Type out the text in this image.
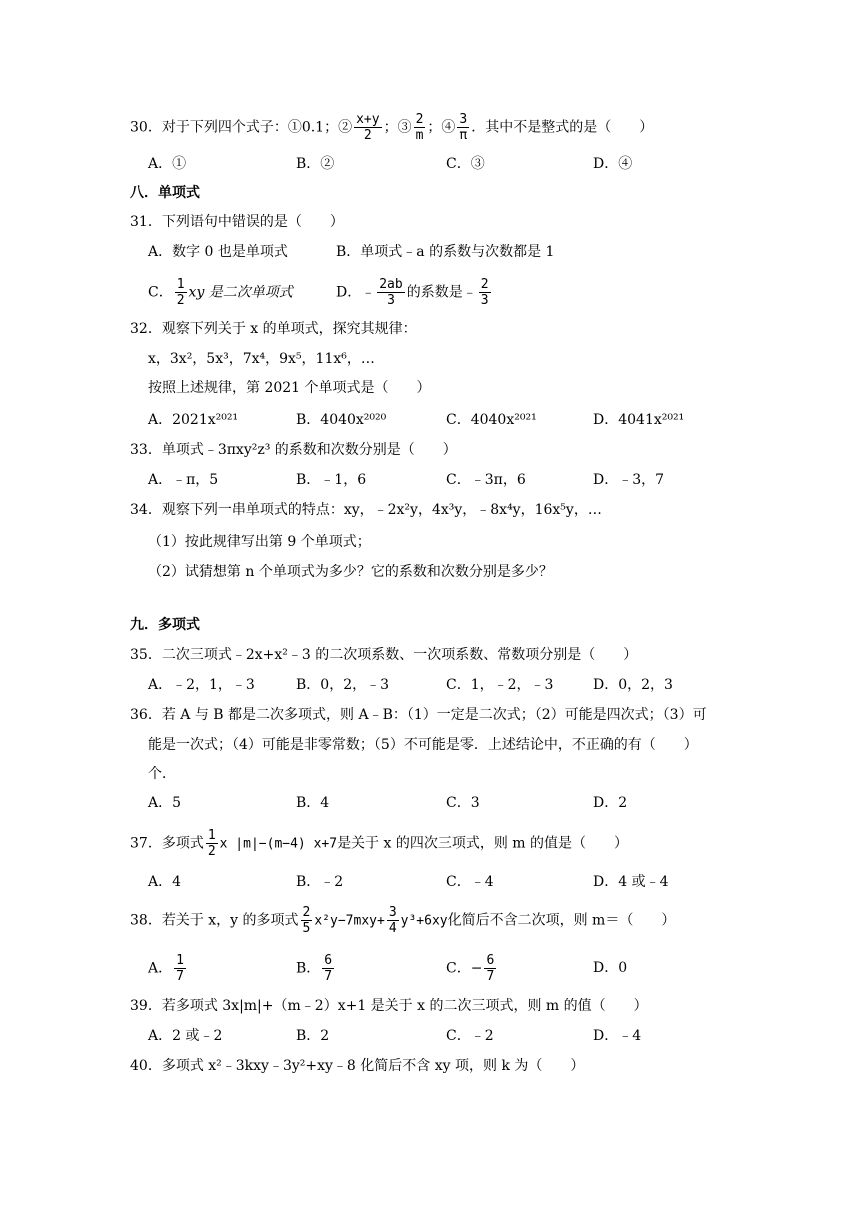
30．对于下列四个式子：①0.1；② $\frac{x+y}{2}$ ；③ $\frac{2}{m}$ ；④ $\frac{3}{\pi}$ ．其中不是整式的是（　　）
A．①	B．②	C．③	D．④
八．单项式
31．下列语句中错误的是（　　）
A．数字 0 也是单项式	B．单项式﹣a 的系数与次数都是 1
C． $\frac{1}{2}$ xy 是二次单项式	D．﹣ $\frac{2ab}{3}$ 的系数是﹣ $\frac{2}{3}$
32．观察下列关于 x 的单项式，探究其规律：
x，3x²，5x³，7x⁴，9x⁵，11x⁶，…
按照上述规律，第 2021 个单项式是（　　）
A．2021x²⁰²¹	B．4040x²⁰²⁰	C．4040x²⁰²¹	D．4041x²⁰²¹
33．单项式﹣3πxy²z³ 的系数和次数分别是（　　）
A．﹣π，5	B．﹣1，6	C．﹣3π，6	D．﹣3，7
34．观察下列一串单项式的特点：xy，﹣2x²y，4x³y，﹣8x⁴y，16x⁵y，…
（1）按此规律写出第 9 个单项式；
（2）试猜想第 n 个单项式为多少？它的系数和次数分别是多少？
九．多项式
35．二次三项式﹣2x+x²﹣3 的二次项系数、一次项系数、常数项分别是（　　）
A．﹣2，1，﹣3	B．0，2，﹣3	C．1，﹣2，﹣3	D．0，2，3
36．若 A 与 B 都是二次多项式，则 A﹣B：（1）一定是二次式；（2）可能是四次式；（3）可
能是一次式；（4）可能是非零常数；（5）不可能是零．上述结论中，不正确的有（　　）
个．
A．5	B．4	C．3	D．2
37．多项式 $\frac{1}{2}$ x |m|−(m−4) x+7是关于 x 的四次三项式，则 m 的值是（　　）
A．4	B．﹣2	C．﹣4	D．4 或﹣4
38．若关于 x，y 的多项式 $\frac{2}{5} x^2y-7mxy+ \frac{3}{4} y^3+6xy$化简后不含二次项，则 m＝（　　）
A． $\frac{1}{7}$	B． $\frac{6}{7}$	C．− $\frac{6}{7}$	D．0
39．若多项式 3x|m|+（m﹣2）x+1 是关于 x 的二次三项式，则 m 的值（　　）
A．2 或﹣2	B．2	C．﹣2	D．﹣4
40．多项式 x²﹣3kxy﹣3y²+xy﹣8 化简后不含 xy 项，则 k 为（　　）
